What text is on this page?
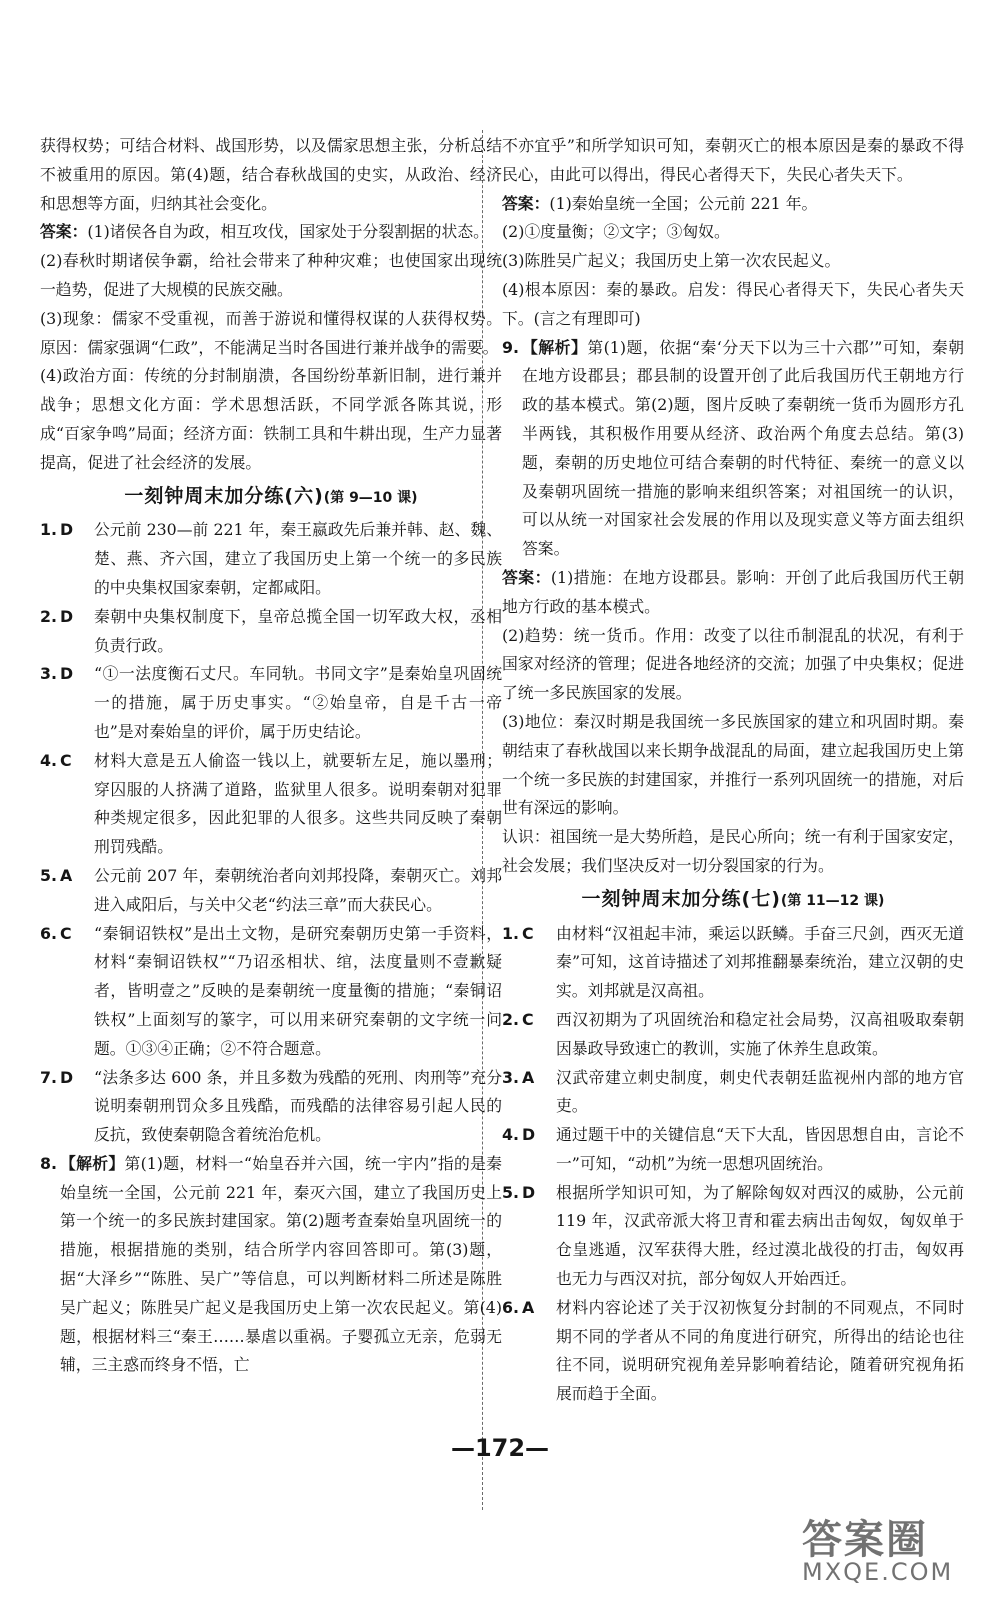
获得权势；可结合材料、战国形势，以及儒家思想主张，分析总结不被重用的原因。第(4)题，结合春秋战国的史实，从政治、经济和思想等方面，归纳其社会变化。

答案：(1)诸侯各自为政，相互攻伐，国家处于分裂割据的状态。

(2)春秋时期诸侯争霸，给社会带来了种种灾难；也使国家出现统一趋势，促进了大规模的民族交融。

(3)现象：儒家不受重视，而善于游说和懂得权谋的人获得权势。原因：儒家强调“仁政”，不能满足当时各国进行兼并战争的需要。

(4)政治方面：传统的分封制崩溃，各国纷纷革新旧制，进行兼并战争；思想文化方面：学术思想活跃，不同学派各陈其说，形成“百家争鸣”局面；经济方面：铁制工具和牛耕出现，生产力显著提高，促进了社会经济的发展。

一刻钟周末加分练(六)(第 9—10 课)
1. D	公元前 230—前 221 年，秦王嬴政先后兼并韩、赵、魏、楚、燕、齐六国，建立了我国历史上第一个统一的多民族的中央集权国家秦朝，定都咸阳。
2. D	秦朝中央集权制度下，皇帝总揽全国一切军政大权，丞相负责行政。
3. D	“①一法度衡石丈尺。车同轨。书同文字”是秦始皇巩固统一的措施，属于历史事实。“②始皇帝，自是千古一帝也”是对秦始皇的评价，属于历史结论。
4. C	材料大意是五人偷盗一钱以上，就要斩左足，施以墨刑；穿囚服的人挤满了道路，监狱里人很多。说明秦朝对犯罪种类规定很多，因此犯罪的人很多。这些共同反映了秦朝刑罚残酷。
5. A	公元前 207 年，秦朝统治者向刘邦投降，秦朝灭亡。刘邦进入咸阳后，与关中父老“约法三章”而大获民心。
6. C	“秦铜诏铁权”是出土文物，是研究秦朝历史第一手资料，材料“秦铜诏铁权”“乃诏丞相状、绾，法度量则不壹歉疑者，皆明壹之”反映的是秦朝统一度量衡的措施；“秦铜诏铁权”上面刻写的篆字，可以用来研究秦朝的文字统一问题。①③④正确；②不符合题意。
7. D	“法条多达 600 条，并且多数为残酷的死刑、肉刑等”充分说明秦朝刑罚众多且残酷，而残酷的法律容易引起人民的反抗，致使秦朝隐含着统治危机。
8. 【解析】第(1)题，材料一“始皇吞并六国，统一宇内”指的是秦始皇统一全国，公元前 221 年，秦灭六国，建立了我国历史上第一个统一的多民族封建国家。第(2)题考查秦始皇巩固统一的措施，根据措施的类别，结合所学内容回答即可。第(3)题，据“大泽乡”“陈胜、吴广”等信息，可以判断材料二所述是陈胜吴广起义；陈胜吴广起义是我国历史上第一次农民起义。第(4)题，根据材料三“秦王……暴虐以重祸。子婴孤立无亲，危弱无辅，三主惑而终身不悟，亡

不亦宜乎”和所学知识可知，秦朝灭亡的根本原因是秦的暴政不得民心，由此可以得出，得民心者得天下，失民心者失天下。

答案：(1)秦始皇统一全国；公元前 221 年。

(2)①度量衡；②文字；③匈奴。

(3)陈胜吴广起义；我国历史上第一次农民起义。

(4)根本原因：秦的暴政。启发：得民心者得天下，失民心者失天下。(言之有理即可)

9. 【解析】第(1)题，依据“秦‘分天下以为三十六郡’”可知，秦朝在地方设郡县；郡县制的设置开创了此后我国历代王朝地方行政的基本模式。第(2)题，图片反映了秦朝统一货币为圆形方孔半两钱，其积极作用要从经济、政治两个角度去总结。第(3)题，秦朝的历史地位可结合秦朝的时代特征、秦统一的意义以及秦朝巩固统一措施的影响来组织答案；对祖国统一的认识，可以从统一对国家社会发展的作用以及现实意义等方面去组织答案。

答案：(1)措施：在地方设郡县。影响：开创了此后我国历代王朝地方行政的基本模式。

(2)趋势：统一货币。作用：改变了以往币制混乱的状况，有利于国家对经济的管理；促进各地经济的交流；加强了中央集权；促进了统一多民族国家的发展。

(3)地位：秦汉时期是我国统一多民族国家的建立和巩固时期。秦朝结束了春秋战国以来长期争战混乱的局面，建立起我国历史上第一个统一多民族的封建国家，并推行一系列巩固统一的措施，对后世有深远的影响。

认识：祖国统一是大势所趋，是民心所向；统一有利于国家安定，社会发展；我们坚决反对一切分裂国家的行为。

一刻钟周末加分练(七)(第 11—12 课)
1. C	由材料“汉祖起丰沛，乘运以跃鳞。手奋三尺剑，西灭无道秦”可知，这首诗描述了刘邦推翻暴秦统治，建立汉朝的史实。刘邦就是汉高祖。
2. C	西汉初期为了巩固统治和稳定社会局势，汉高祖吸取秦朝因暴政导致速亡的教训，实施了休养生息政策。
3. A	汉武帝建立刺史制度，刺史代表朝廷监视州内部的地方官吏。
4. D	通过题干中的关键信息“天下大乱，皆因思想自由，言论不一”可知，“动机”为统一思想巩固统治。
5. D	根据所学知识可知，为了解除匈奴对西汉的威胁，公元前 119 年，汉武帝派大将卫青和霍去病出击匈奴，匈奴单于仓皇逃遁，汉军获得大胜，经过漠北战役的打击，匈奴再也无力与西汉对抗，部分匈奴人开始西迁。
6. A	材料内容论述了关于汉初恢复分封制的不同观点，不同时期不同的学者从不同的角度进行研究，所得出的结论也往往不同，说明研究视角差异影响着结论，随着研究视角拓展而趋于全面。
—172—
答案圈
MXQE.COM
